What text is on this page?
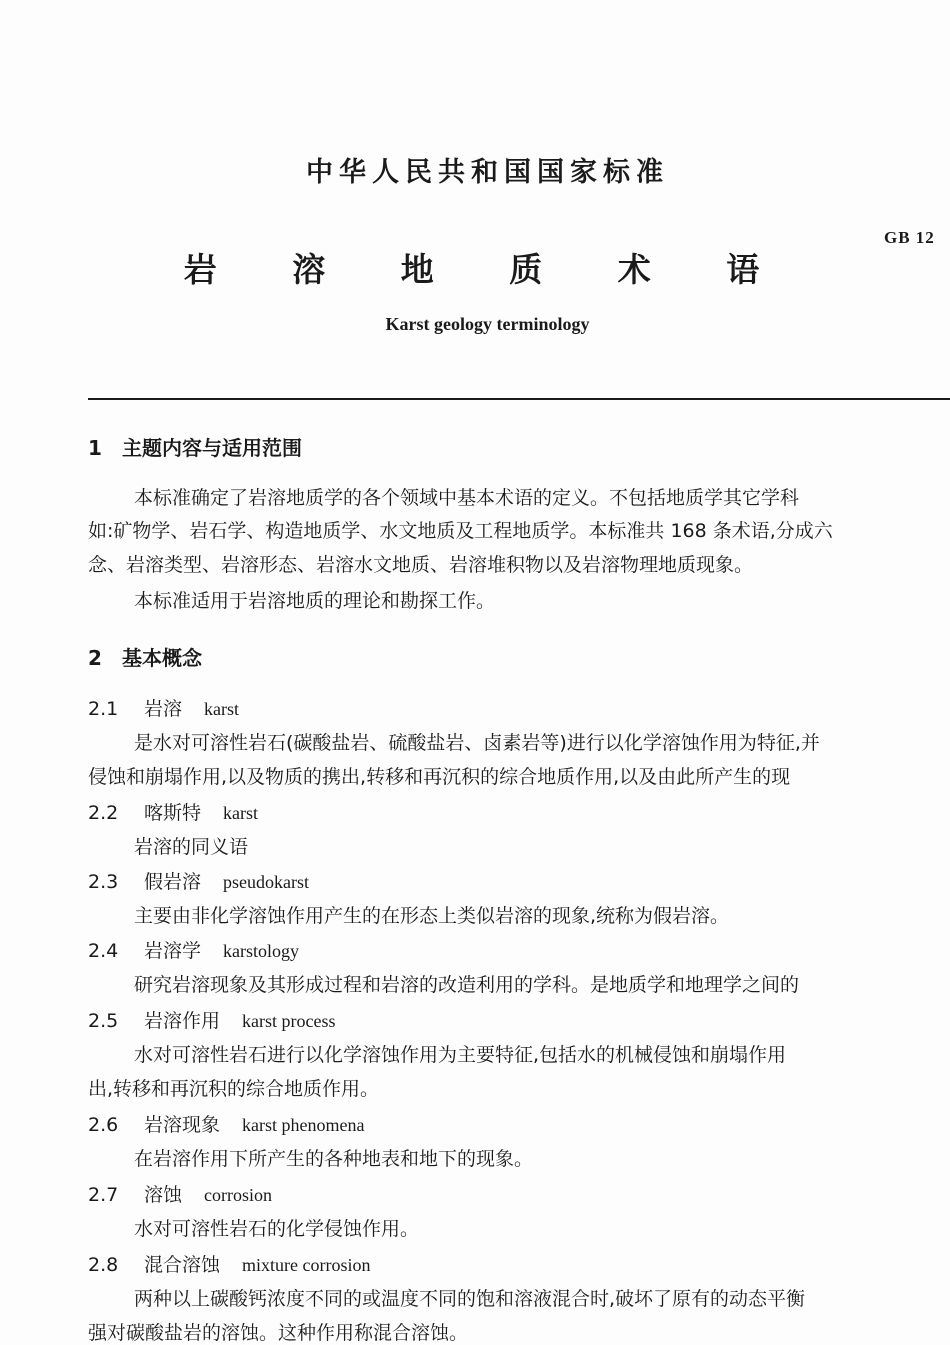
中华人民共和国国家标准
GB 12
岩 溶 地 质 术 语
Karst geology terminology
1 主题内容与适用范围
本标准确定了岩溶地质学的各个领域中基本术语的定义。不包括地质学其它学科
如:矿物学、岩石学、构造地质学、水文地质及工程地质学。本标准共 168 条术语,分成六
念、岩溶类型、岩溶形态、岩溶水文地质、岩溶堆积物以及岩溶物理地质现象。
本标准适用于岩溶地质的理论和勘探工作。
2 基本概念
2.1 岩溶 karst
是水对可溶性岩石(碳酸盐岩、硫酸盐岩、卤素岩等)进行以化学溶蚀作用为特征,并
侵蚀和崩塌作用,以及物质的携出,转移和再沉积的综合地质作用,以及由此所产生的现
2.2 喀斯特 karst
岩溶的同义语
2.3 假岩溶 pseudokarst
主要由非化学溶蚀作用产生的在形态上类似岩溶的现象,统称为假岩溶。
2.4 岩溶学 karstology
研究岩溶现象及其形成过程和岩溶的改造利用的学科。是地质学和地理学之间的
2.5 岩溶作用 karst process
水对可溶性岩石进行以化学溶蚀作用为主要特征,包括水的机械侵蚀和崩塌作用
出,转移和再沉积的综合地质作用。
2.6 岩溶现象 karst phenomena
在岩溶作用下所产生的各种地表和地下的现象。
2.7 溶蚀 corrosion
水对可溶性岩石的化学侵蚀作用。
2.8 混合溶蚀 mixture corrosion
两种以上碳酸钙浓度不同的或温度不同的饱和溶液混合时,破坏了原有的动态平衡
强对碳酸盐岩的溶蚀。这种作用称混合溶蚀。
